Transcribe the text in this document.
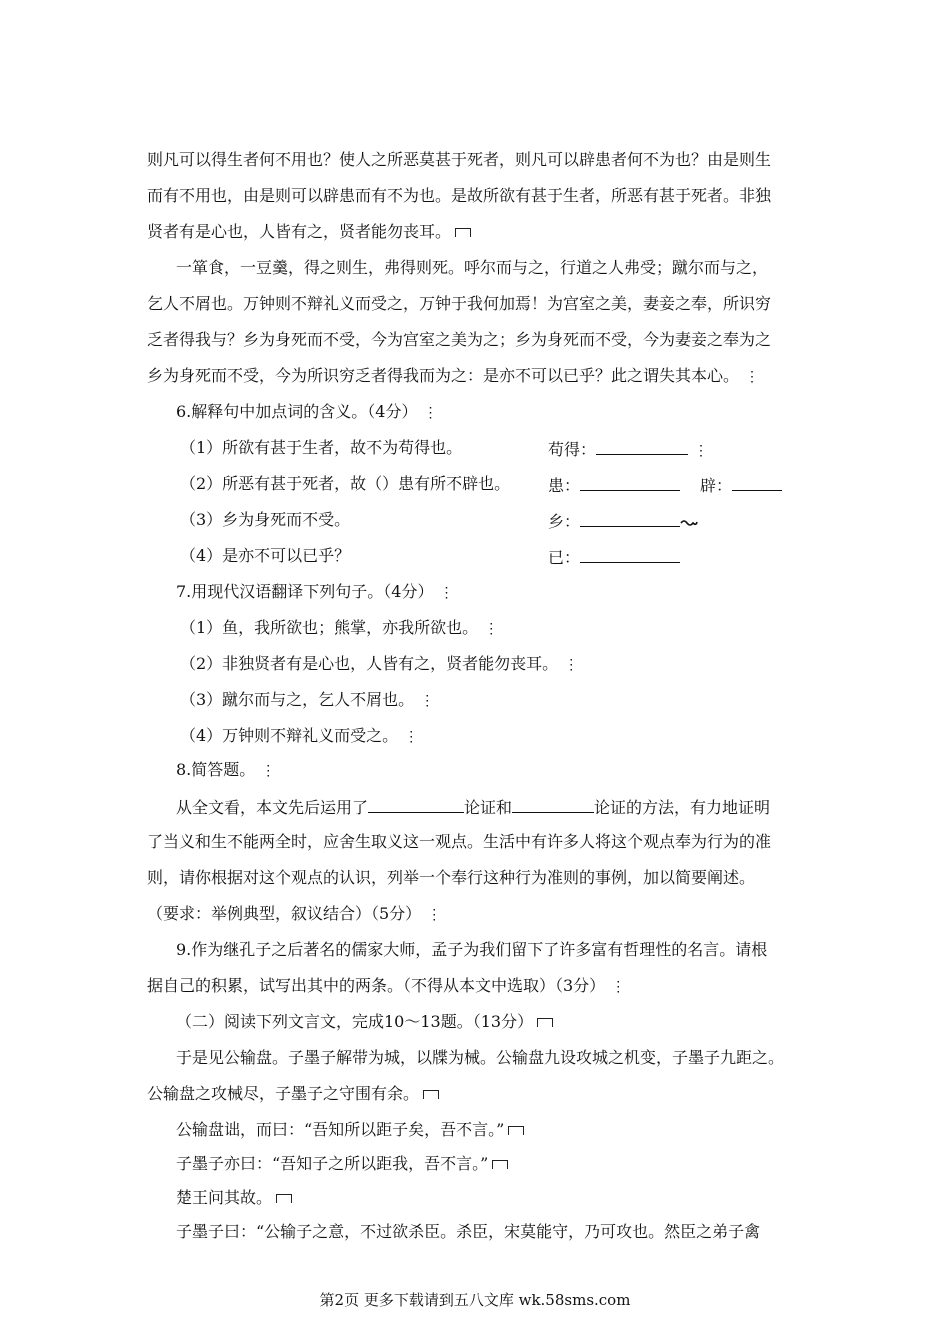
则凡可以得生者何不用也？使人之所恶莫甚于死者，则凡可以辟患者何不为也？由是则生
而有不用也，由是则可以辟患而有不为也。是故所欲有甚于生者，所恶有甚于死者。非独
贤者有是心也，人皆有之，贤者能勿丧耳。
一箪食，一豆羹，得之则生，弗得则死。呼尔而与之，行道之人弗受；蹴尔而与之，
乞人不屑也。万钟则不辩礼义而受之，万钟于我何加焉！为宫室之美，妻妾之奉，所识穷
乏者得我与？乡为身死而不受，今为宫室之美为之；乡为身死而不受，今为妻妾之奉为之
乡为身死而不受，今为所识穷乏者得我而为之：是亦不可以已乎？此之谓失其本心。 ⋮
6.解释句中加点词的含义。（4分） ⋮
（1）所欲有甚于生者，故不为苟得也。	苟得：	⋮
（2）所恶有甚于死者，故（）患有所不辟也。 患：	辟：
（3）乡为身死而不受。	乡：
（4）是亦不可以已乎？	已：
7.用现代汉语翻译下列句子。（4分） ⋮
（1）鱼，我所欲也；熊掌，亦我所欲也。 ⋮
（2）非独贤者有是心也，人皆有之，贤者能勿丧耳。 ⋮
（3）蹴尔而与之，乞人不屑也。 ⋮
（4）万钟则不辩礼义而受之。 ⋮
8.简答题。 ⋮
从全文看，本文先后运用了	论证和	论证的方法，有力地证明
了当义和生不能两全时，应舍生取义这一观点。生活中有许多人将这个观点奉为行为的准
则，请你根据对这个观点的认识，列举一个奉行这种行为准则的事例，加以简要阐述。
（要求：举例典型，叙议结合）（5分） ⋮
9.作为继孔子之后著名的儒家大师，孟子为我们留下了许多富有哲理性的名言。请根
据自己的积累，试写出其中的两条。（不得从本文中选取）（3分） ⋮
（二）阅读下列文言文，完成10～13题。（13分）
于是见公输盘。子墨子解带为城，以牒为械。公输盘九设攻城之机变，子墨子九距之。
公输盘之攻械尽，子墨子之守围有余。
公输盘诎，而曰：“吾知所以距子矣，吾不言。”
子墨子亦曰：“吾知子之所以距我，吾不言。”
楚王问其故。
子墨子曰：“公输子之意，不过欲杀臣。杀臣，宋莫能守，乃可攻也。然臣之弟子禽
第2页 更多下载请到五八文库 wk.58sms.com
